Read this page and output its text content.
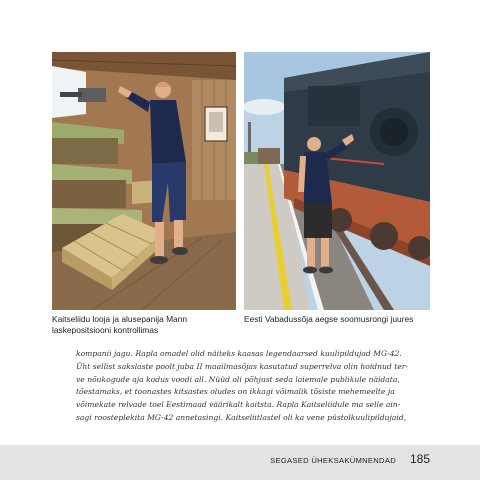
Kaitseliidu looja ja alusepanija Mann laskepositsiooni kontrollimas
Eesti Vabadussõja aegse soomusrongi juures
kompanii jagu. Rapla omadel olid näiteks kaasas legendaarsed kuulipildujad MG-42.
Üht sellist sakslaste poolt juba II maailmasõjas kasutatud superrelva olin hoidnud ter-
ve nõukogude aja kodus voodi all. Nüüd oli põhjust seda laiemale publikule näidata,
tõestamaks, et toonastes kitsastes oludes on ikkagi võimalik tõsiste mehemeelte ja
võimekate relvade toel Eestimaad väärikalt kaitsta. Rapla Kaitseliidule ma selle ain-
sagi roosteplekita MG-42 annetasingi. Kaitseliitlastel oli ka vene püstolkuulipildujaid,
SEGASED ÜHEKSAKÜMNENDAD 185
